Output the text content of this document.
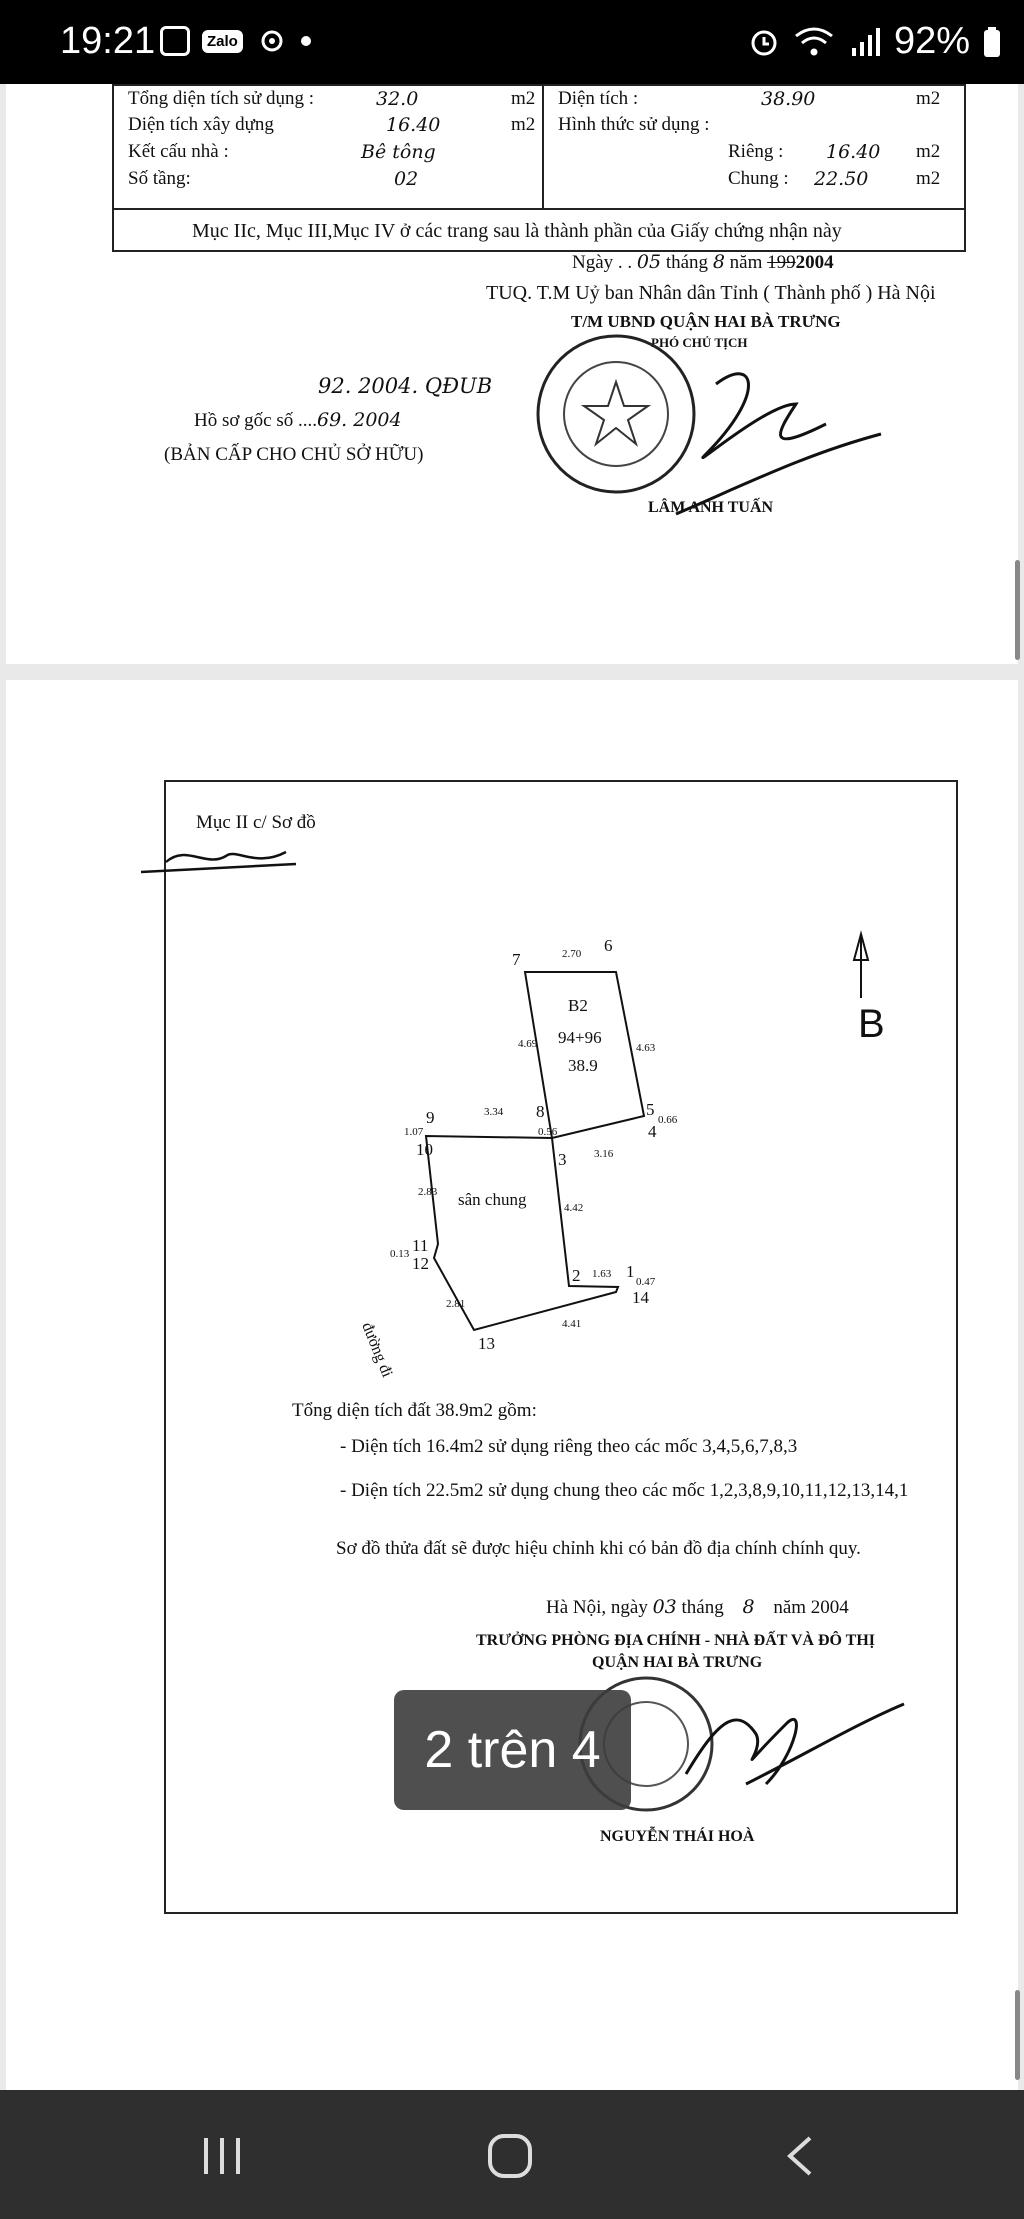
19:21	Zalo	92%
Tổng diện tích sử dụng :	32.0	m2
Diện tích xây dựng	16.40	m2
Kết cấu nhà :	Bê tông
Số tầng:	02
Diện tích :	38.90	m2
Hình thức sử dụng :
Riêng : 16.40 m2
Chung : 22.50	m2
Mục IIc, Mục III,Mục IV ở các trang sau là thành phần của Giấy chứng nhận này
Ngày . . 05 tháng 8 năm 1992004
TUQ. T.M Uỷ ban Nhân dân Tỉnh ( Thành phố ) Hà Nội
T/M UBND QUẬN HAI BÀ TRƯNG
PHÓ CHỦ TỊCH
92. 2004. QĐUB
Hồ sơ gốc số ....69. 2004
(BẢN CẤP CHO CHỦ SỞ HỮU)
LÂM ANH TUẤN
Mục II c/ Sơ đồ
6
7	2.70
B2
94+96
38.9
4.69	4.63
5
0.66
4
8
3.34
0.56
3	3.16
9
1.07
10
2.83 sân chung	4.42
11
0.13 12
2 1.63 1
0.47
14
2.81
4.41
13
đường đi
B
Tổng diện tích đất 38.9m2 gồm:
- Diện tích 16.4m2 sử dụng riêng theo các mốc 3,4,5,6,7,8,3
- Diện tích 22.5m2 sử dụng chung theo các mốc 1,2,3,8,9,10,11,12,13,14,1
Sơ đồ thửa đất sẽ được hiệu chỉnh khi có bản đồ địa chính chính quy.
Hà Nội, ngày 03 tháng 8 năm 2004
TRƯỞNG PHÒNG ĐỊA CHÍNH - NHÀ ĐẤT VÀ ĐÔ THỊ
QUẬN HAI BÀ TRƯNG
NGUYỄN THÁI HOÀ
2 trên 4
